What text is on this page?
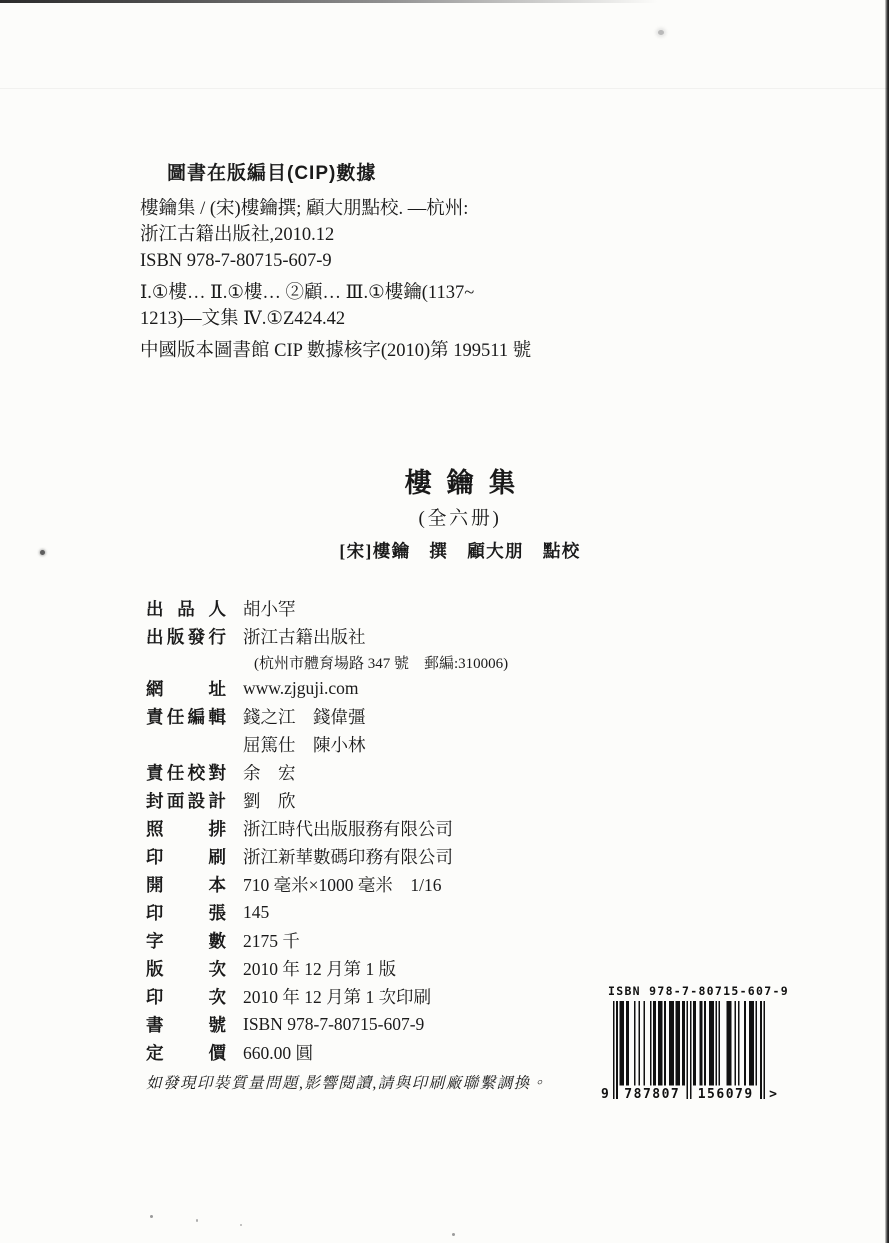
圖書在版編目(CIP)數據

樓鑰集 / (宋)樓鑰撰; 顧大朋點校. —杭州:

浙江古籍出版社,2010.12

ISBN 978-7-80715-607-9

Ⅰ.①樓… Ⅱ.①樓… ②顧… Ⅲ.①樓鑰(1137~

1213)—文集 Ⅳ.①Z424.42

中國版本圖書館 CIP 數據核字(2010)第 199511 號

樓鑰集

(全六册)

[宋]樓鑰　撰　顧大朋　點校

出品人 胡小罕
出版發行 浙江古籍出版社
(杭州市體育場路 347 號　郵編:310006)
網址 www.zjguji.com
責任編輯 錢之江　錢偉彊
屈篤仕　陳小林
責任校對 余　宏
封面設計 劉　欣
照排 浙江時代出版服務有限公司
印刷 浙江新華數碼印務有限公司
開本 710 毫米×1000 毫米　1/16
印張 145
字數 2175 千
版次 2010 年 12 月第 1 版
印次 2010 年 12 月第 1 次印刷
書號 ISBN 978-7-80715-607-9
定價 660.00 圓

如發現印裝質量問題,影響閱讀,請與印刷廠聯繫調換。

ISBN 978-7-80715-607-9
9 787807 156079 >
